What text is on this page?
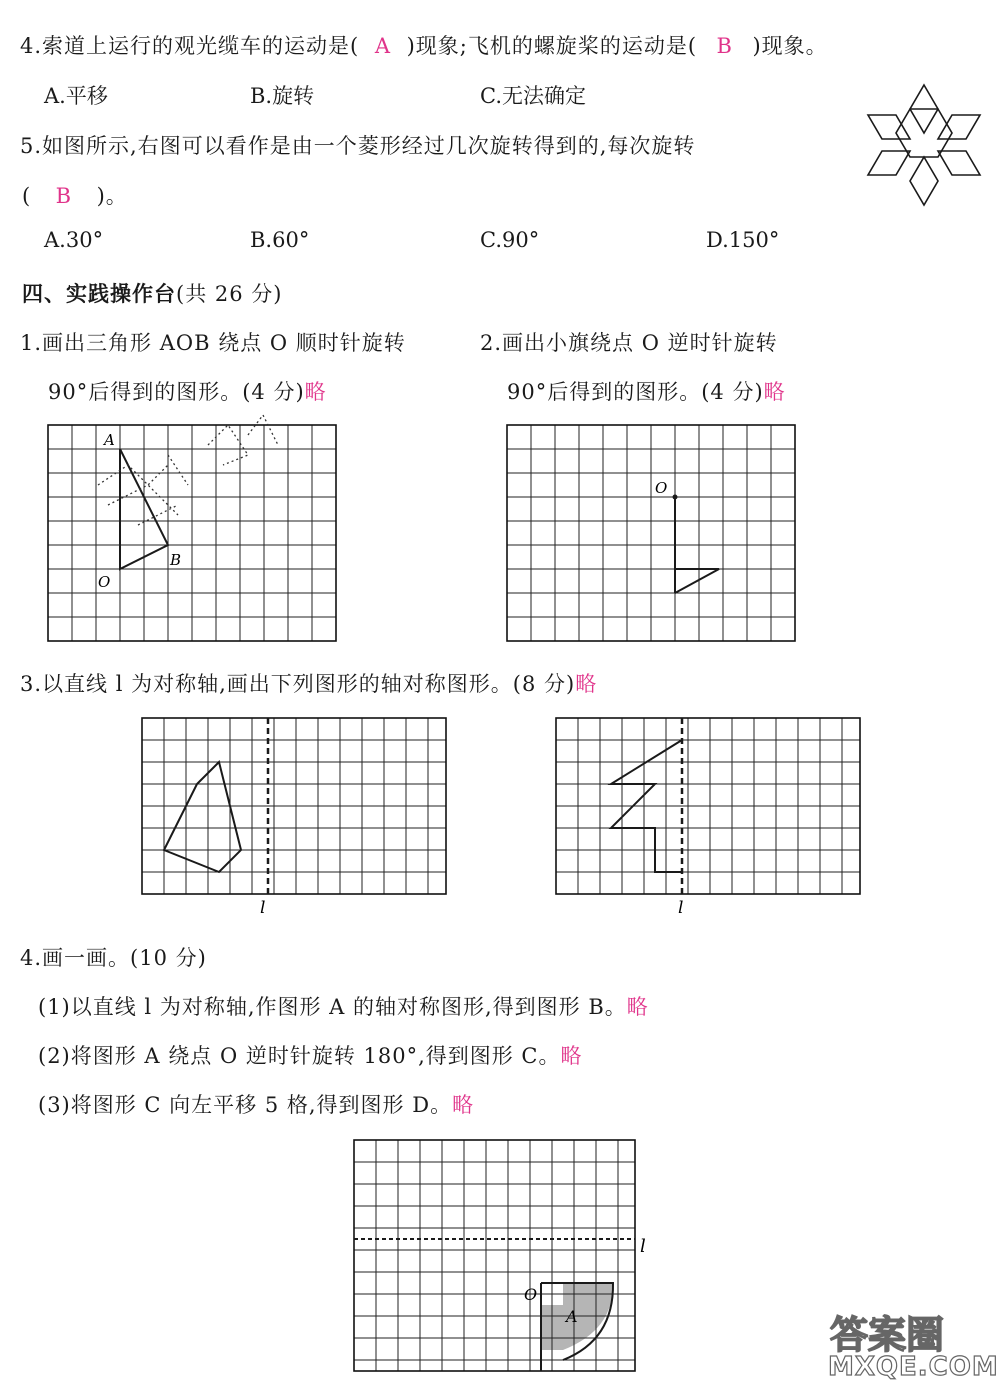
4.索道上运行的观光缆车的运动是( A )现象;飞机的螺旋桨的运动是( B )现象。
A.平移	B.旋转	C.无法确定
5.如图所示,右图可以看作是由一个菱形经过几次旋转得到的,每次旋转
( B )。
A.30°	B.60°	C.90°	D.150°
四、实践操作台(共 26 分)
1.画出三角形 AOB 绕点 O 顺时针旋转
90°后得到的图形。(4 分)略
2.画出小旗绕点 O 逆时针旋转
90°后得到的图形。(4 分)略
A
O
B
O
3.以直线 l 为对称轴,画出下列图形的轴对称图形。(8 分)略
l	l
4.画一画。(10 分)
(1)以直线 l 为对称轴,作图形 A 的轴对称图形,得到图形 B。略
(2)将图形 A 绕点 O 逆时针旋转 180°,得到图形 C。略
(3)将图形 C 向左平移 5 格,得到图形 D。略
O
A
l
答案圈
MXQE.COM
